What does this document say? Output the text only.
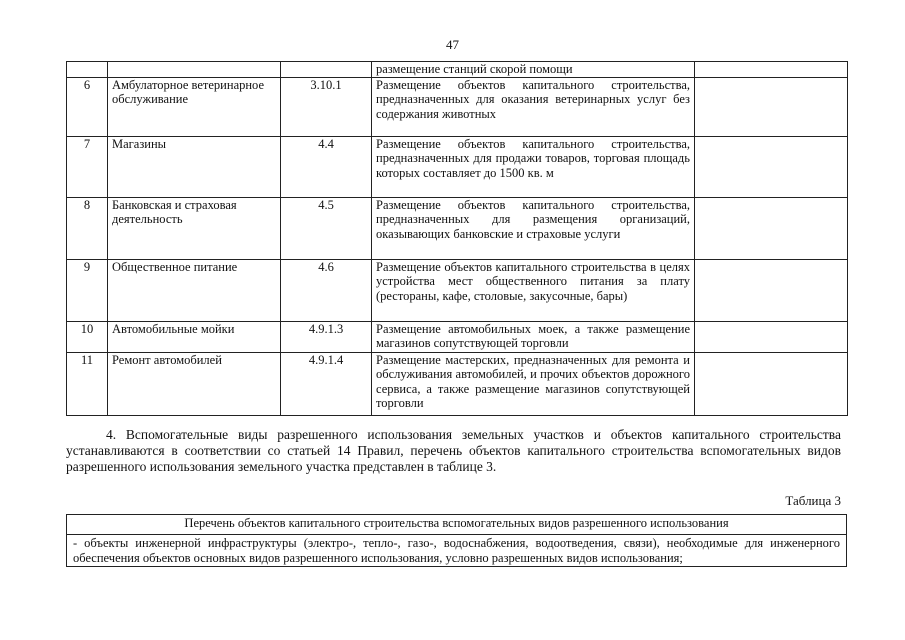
47
			размещение станций скорой помощи	
6	Амбулаторное ветеринарное обслуживание	3.10.1	Размещение объектов капитального строительства, предназначенных для оказания ветеринарных услуг без содержания животных	
7	Магазины	4.4	Размещение объектов капитального строительства, предназначенных для продажи товаров, торговая площадь которых составляет до 1500 кв. м	
8	Банковская и страховая деятельность	4.5	Размещение объектов капитального строительства, предназначенных для размещения организаций, оказывающих банковские и страховые услуги	
9	Общественное питание	4.6	Размещение объектов капитального строительства в целях устройства мест общественного питания за плату (рестораны, кафе, столовые, закусочные, бары)	
10	Автомобильные мойки	4.9.1.3	Размещение автомобильных моек, а также размещение магазинов сопутствующей торговли	
11	Ремонт автомобилей	4.9.1.4	Размещение мастерских, предназначенных для ремонта и обслуживания автомобилей, и прочих объектов дорожного сервиса, а также размещение магазинов сопутствующей торговли	

4. Вспомогательные виды разрешенного использования земельных участков и объектов капитального строительства устанавливаются в соответствии со статьей 14 Правил, перечень объектов капитального строительства вспомогательных видов разрешенного использования земельного участка представлен в таблице 3.

Таблица 3
Перечень объектов капитального строительства вспомогательных видов разрешенного использования
- объекты инженерной инфраструктуры (электро-, тепло-, газо-, водоснабжения, водоотведения, связи), необходимые для инженерного обеспечения объектов основных видов разрешенного использования, условно разрешенных видов использования;
